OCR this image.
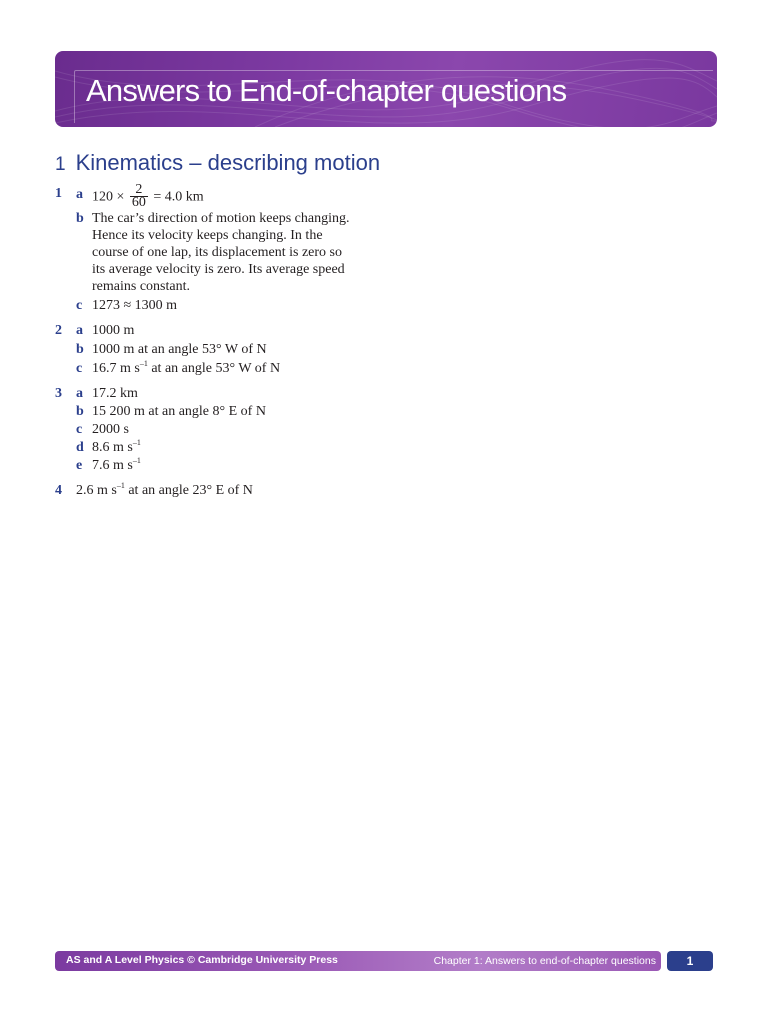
Answers to End-of-chapter questions
1 Kinematics – describing motion
1	a $120 \times \frac{2}{60} = 4.0$ km
b The car’s direction of motion keeps changing.
Hence its velocity keeps changing. In the
course of one lap, its displacement is zero so
its average velocity is zero. Its average speed
remains constant.
c 1273 ≈ 1300 m
2	a 1000 m
b 1000 m at an angle 53° W of N
c 16.7 m $s^{-1}$ at an angle 53° W of N
3	a 17.2 km
b 15 200 m at an angle 8° E of N
c 2000 s
d 8.6 m $s^{-1}$
e 7.6 m $s^{-1}$
4	2.6 m $s^{-1}$ at an angle 23° E of N
AS and A Level Physics © Cambridge University Press	Chapter 1: Answers to end-of-chapter questions	1
